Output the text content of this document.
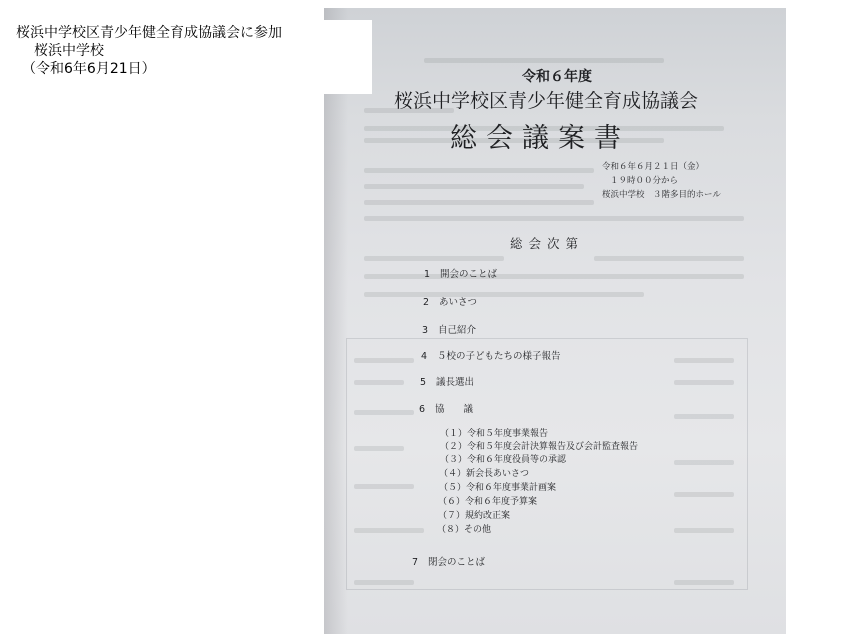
桜浜中学校区青少年健全育成協議会に参加
桜浜中学校
（令和6年6月21日）	令和６年度
桜浜中学校区青少年健全育成協議会
総会議案書
令和６年６月２１日（金）
１９時００分から
桜浜中学校　３階多目的ホール
総会次第
1 開会のことば
2 あいさつ
3 自己紹介
4 ５校の子どもたちの様子報告
5 議長選出
6 協　　議
（１）令和５年度事業報告
（２）令和５年度会計決算報告及び会計監査報告
（３）令和６年度役員等の承認
（４）新会長あいさつ
（５）令和６年度事業計画案
（６）令和６年度予算案
（７）規約改正案
（８）その他
7 閉会のことば
